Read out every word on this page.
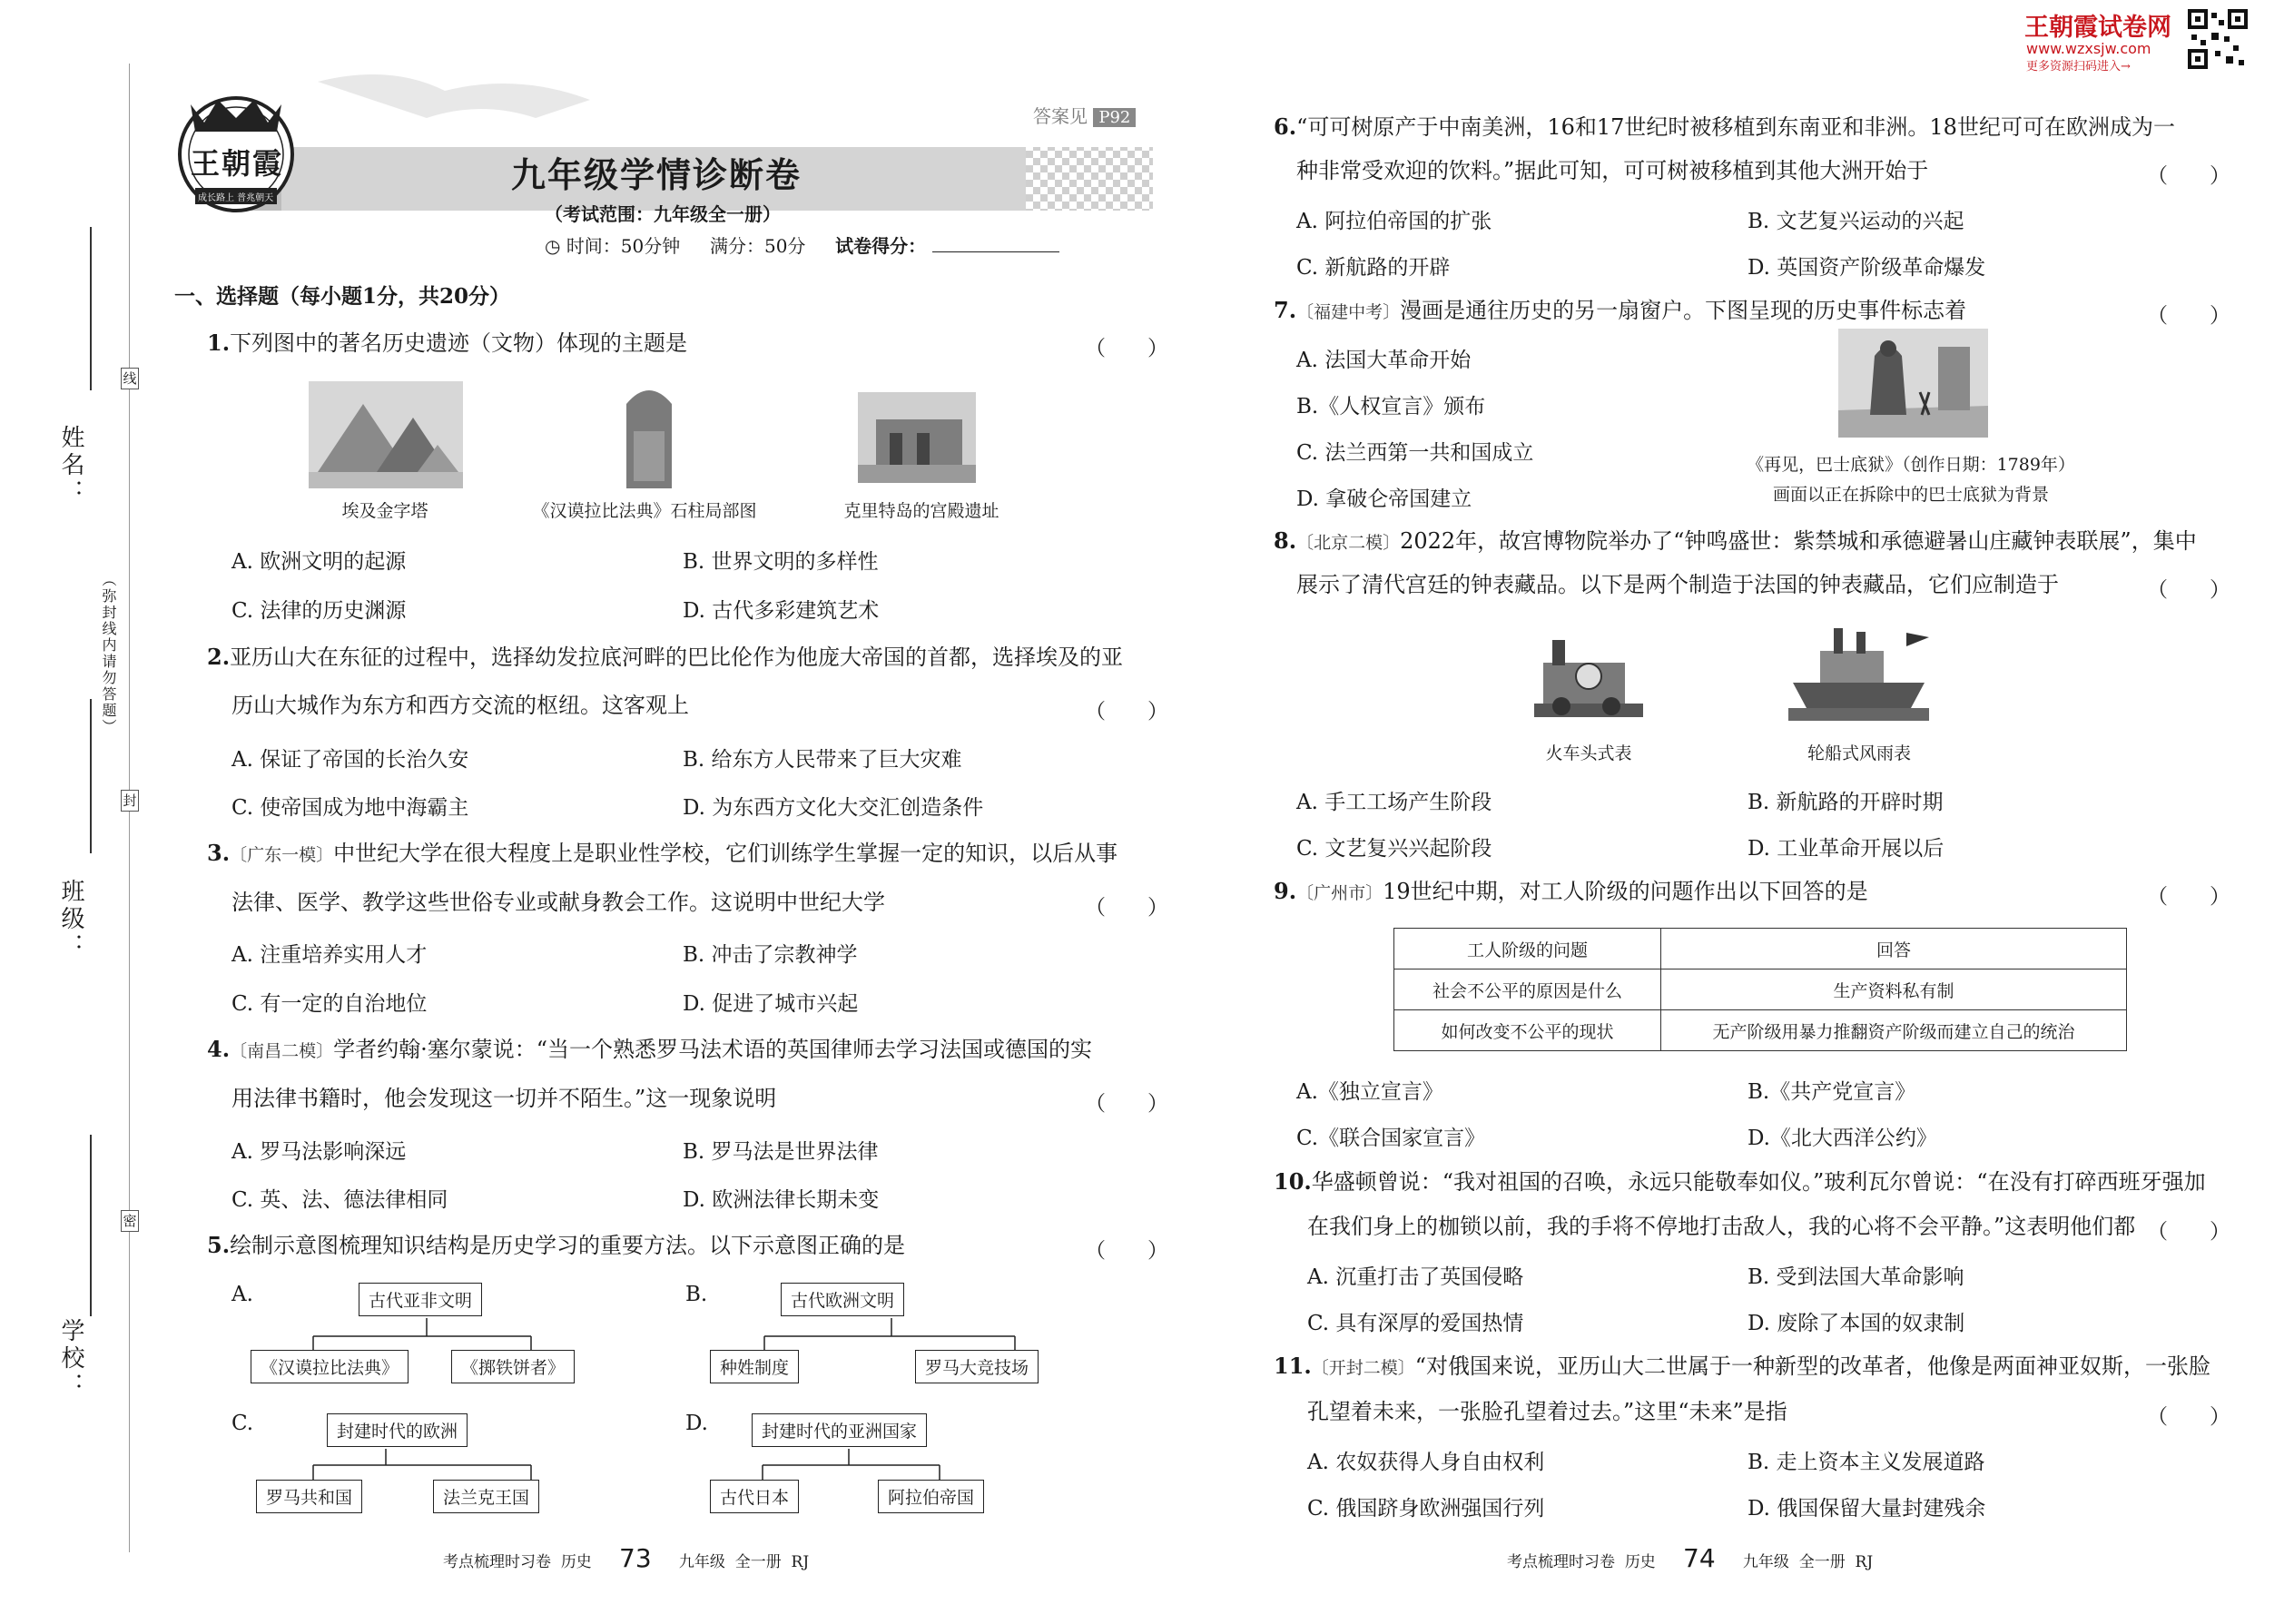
姓名：
班级：
学校：
线
封
密
（弥封线内请勿答题）
王朝霞
成长路上 普兆朝天
答案见 P92
九年级学情诊断卷
（考试范围：九年级全一册）
◷ 时间：50分钟 满分：50分 试卷得分：
一、选择题（每小题1分，共20分）
1.下列图中的著名历史遗迹（文物）体现的主题是	（　　）
埃及金字塔	《汉谟拉比法典》石柱局部图	克里特岛的宫殿遗址
A. 欧洲文明的起源	B. 世界文明的多样性
C. 法律的历史渊源	D. 古代多彩建筑艺术
2.亚历山大在东征的过程中，选择幼发拉底河畔的巴比伦作为他庞大帝国的首都，选择埃及的亚
历山大城作为东方和西方交流的枢纽。这客观上	（　　）
A. 保证了帝国的长治久安	B. 给东方人民带来了巨大灾难
C. 使帝国成为地中海霸主	D. 为东西方文化大交汇创造条件
3.〔广东一模〕中世纪大学在很大程度上是职业性学校，它们训练学生掌握一定的知识，以后从事
法律、医学、教学这些世俗专业或献身教会工作。这说明中世纪大学	（　　）
A. 注重培养实用人才	B. 冲击了宗教神学
C. 有一定的自治地位	D. 促进了城市兴起
4.〔南昌二模〕学者约翰·塞尔蒙说：“当一个熟悉罗马法术语的英国律师去学习法国或德国的实
用法律书籍时，他会发现这一切并不陌生。”这一现象说明	（　　）
A. 罗马法影响深远	B. 罗马法是世界法律
C. 英、法、德法律相同	D. 欧洲法律长期未变
5.绘制示意图梳理知识结构是历史学习的重要方法。以下示意图正确的是	（　　）
A.	古代亚非文明
《汉谟拉比法典》	《掷铁饼者》
B.	古代欧洲文明
种姓制度	罗马大竞技场
C.	封建时代的欧洲
罗马共和国	法兰克王国
D.	封建时代的亚洲国家
古代日本	阿拉伯帝国
考点梳理时习卷 历史 73 九年级 全一册 RJ
王朝霞试卷网
www.wzxsjw.com
更多资源扫码进入→
6.“可可树原产于中南美洲，16和17世纪时被移植到东南亚和非洲。18世纪可可在欧洲成为一
种非常受欢迎的饮料。”据此可知，可可树被移植到其他大洲开始于	（　　）
A. 阿拉伯帝国的扩张	B. 文艺复兴运动的兴起
C. 新航路的开辟	D. 英国资产阶级革命爆发
7.〔福建中考〕漫画是通往历史的另一扇窗户。下图呈现的历史事件标志着	（　　）
A. 法国大革命开始
B.《人权宣言》颁布
C. 法兰西第一共和国成立
D. 拿破仑帝国建立
《再见，巴士底狱》（创作日期：1789年）
画面以正在拆除中的巴士底狱为背景
8.〔北京二模〕2022年，故宫博物院举办了“钟鸣盛世：紫禁城和承德避暑山庄藏钟表联展”，集中
展示了清代宫廷的钟表藏品。以下是两个制造于法国的钟表藏品，它们应制造于	（　　）
火车头式表	轮船式风雨表
A. 手工工场产生阶段	B. 新航路的开辟时期
C. 文艺复兴兴起阶段	D. 工业革命开展以后
9.〔广州市〕19世纪中期，对工人阶级的问题作出以下回答的是	（　　）
工人阶级的问题	回答
社会不公平的原因是什么	生产资料私有制
如何改变不公平的现状	无产阶级用暴力推翻资产阶级而建立自己的统治
A.《独立宣言》	B.《共产党宣言》
C.《联合国家宣言》	D.《北大西洋公约》
10.华盛顿曾说：“我对祖国的召唤，永远只能敬奉如仪。”玻利瓦尔曾说：“在没有打碎西班牙强加
在我们身上的枷锁以前，我的手将不停地打击敌人，我的心将不会平静。”这表明他们都 （　　）
A. 沉重打击了英国侵略	B. 受到法国大革命影响
C. 具有深厚的爱国热情	D. 废除了本国的奴隶制
11.〔开封二模〕“对俄国来说，亚历山大二世属于一种新型的改革者，他像是两面神亚奴斯，一张脸
孔望着未来，一张脸孔望着过去。”这里“未来”是指	（　　）
A. 农奴获得人身自由权利	B. 走上资本主义发展道路
C. 俄国跻身欧洲强国行列	D. 俄国保留大量封建残余
考点梳理时习卷 历史 74 九年级 全一册 RJ
